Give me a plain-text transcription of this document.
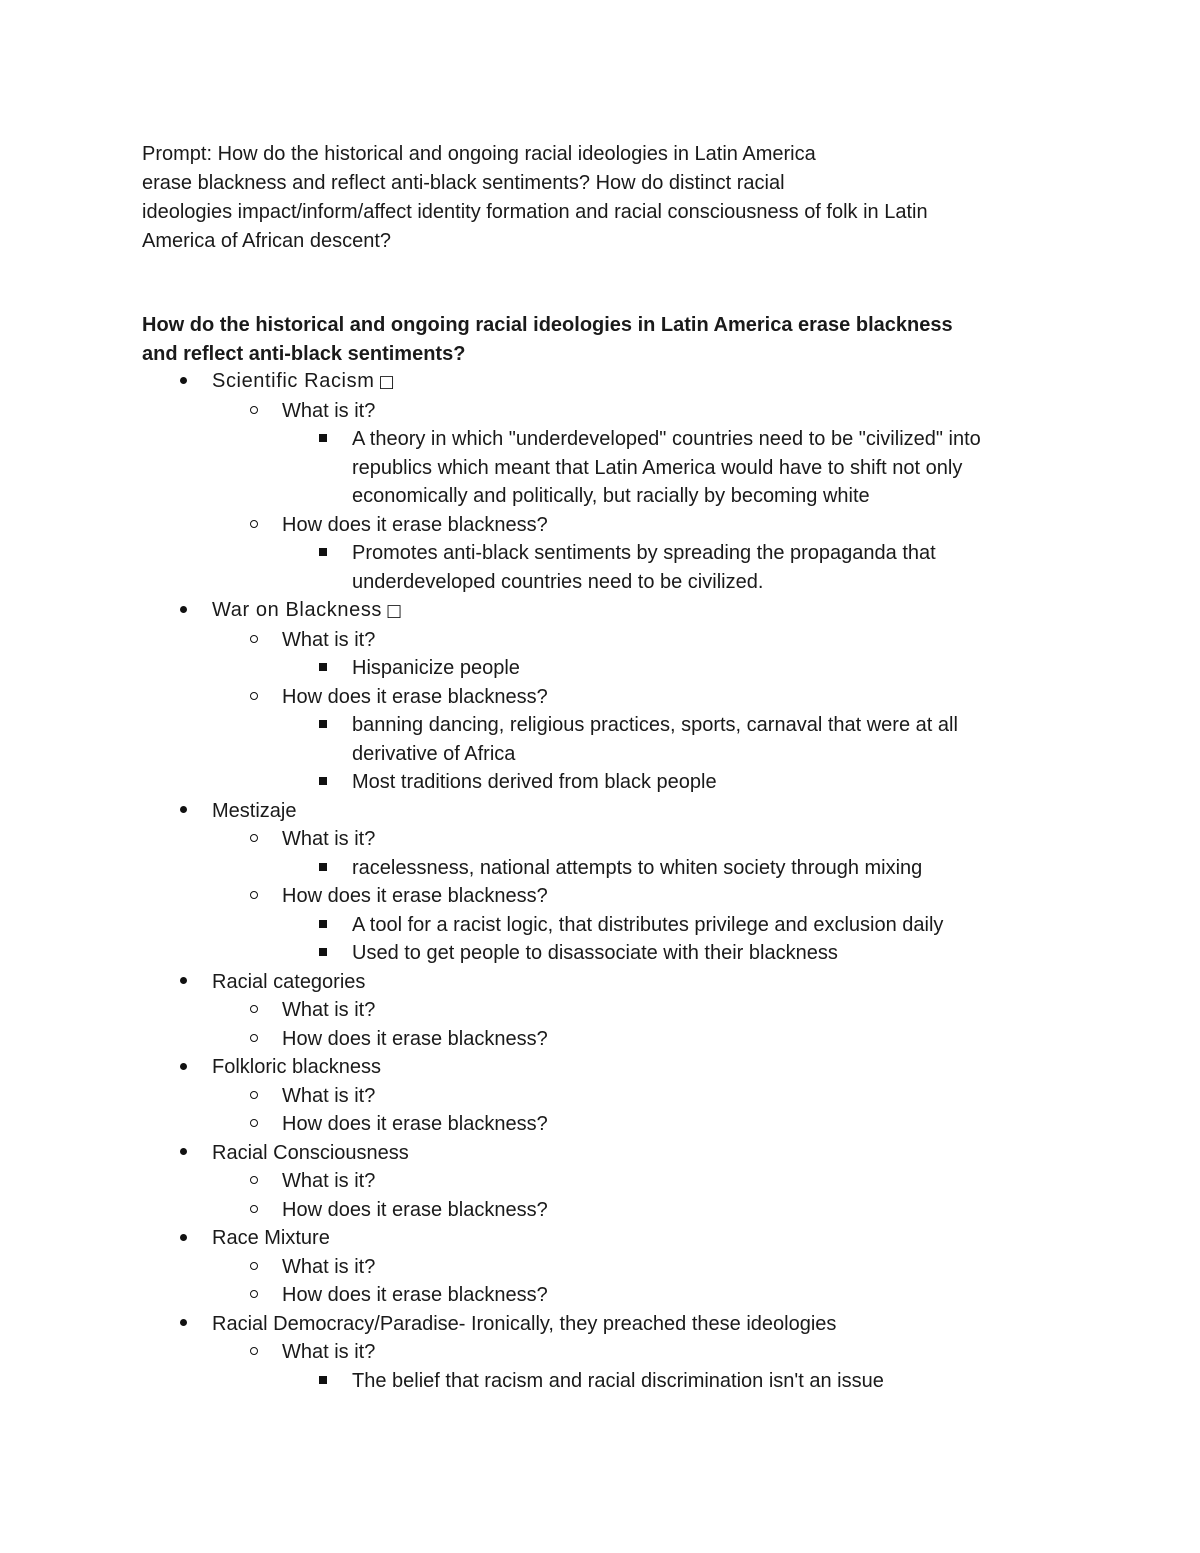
Prompt: How do the historical and ongoing racial ideologies in Latin America
erase blackness and reflect anti-black sentiments? How do distinct racial
ideologies impact/inform/affect identity formation and racial consciousness of folk in Latin
America of African descent?

How do the historical and ongoing racial ideologies in Latin America erase blackness
and reflect anti-black sentiments?

Scientific Racism □
What is it?
A theory in which "underdeveloped" countries need to be "civilized" into republics which meant that Latin America would have to shift not only economically and politically, but racially by becoming white
How does it erase blackness?
Promotes anti-black sentiments by spreading the propaganda that underdeveloped countries need to be civilized.
War on Blackness □
What is it?
Hispanicize people
How does it erase blackness?
banning dancing, religious practices, sports, carnaval that were at all derivative of Africa
Most traditions derived from black people
Mestizaje
What is it?
racelessness, national attempts to whiten society through mixing
How does it erase blackness?
A tool for a racist logic, that distributes privilege and exclusion daily
Used to get people to disassociate with their blackness
Racial categories
What is it?
How does it erase blackness?
Folkloric blackness
What is it?
How does it erase blackness?
Racial Consciousness
What is it?
How does it erase blackness?
Race Mixture
What is it?
How does it erase blackness?
Racial Democracy/Paradise- Ironically, they preached these ideologies
What is it?
The belief that racism and racial discrimination isn't an issue
